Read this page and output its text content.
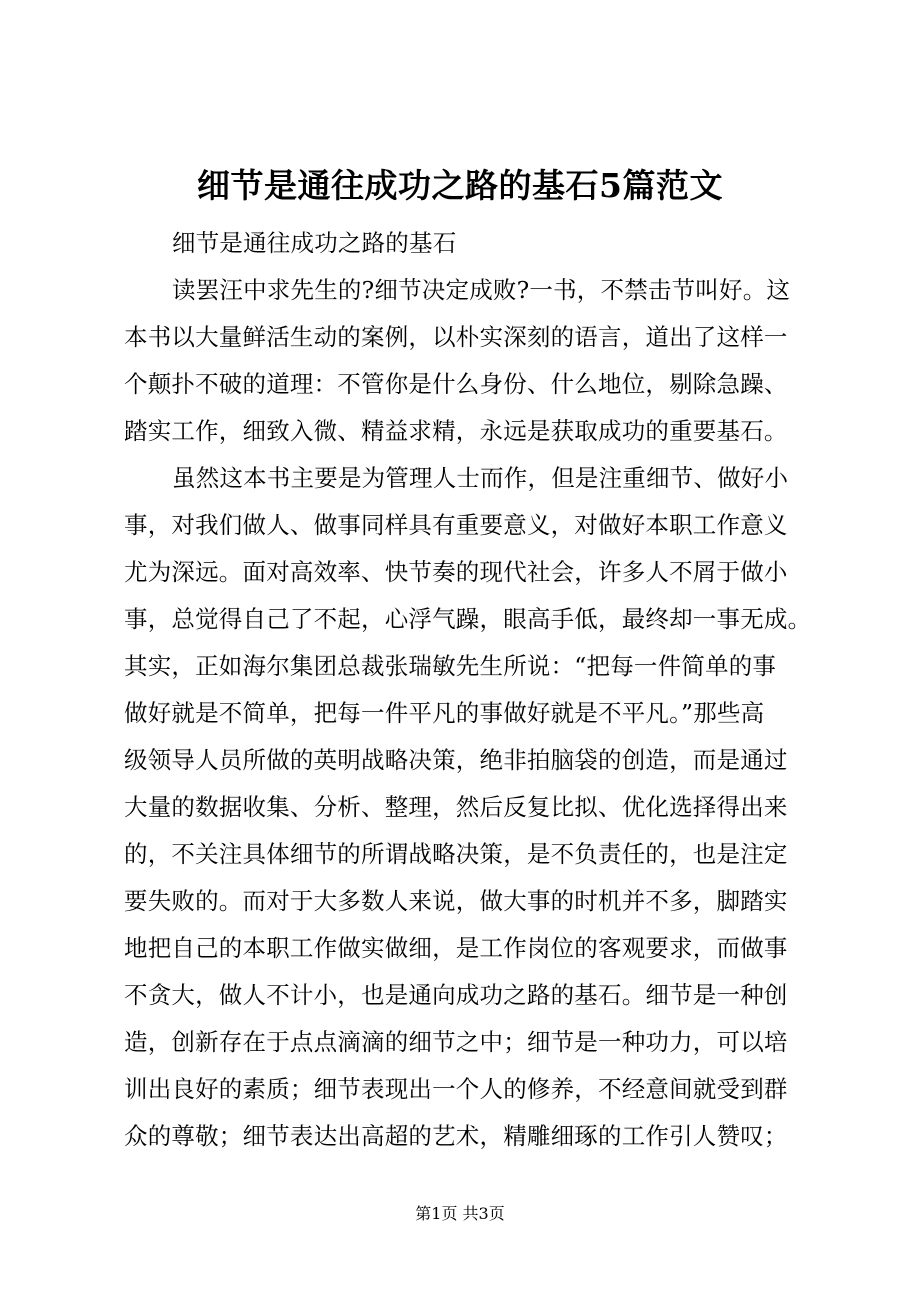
细节是通往成功之路的基石5篇范文
细节是通往成功之路的基石
读罢汪中求先生的?细节决定成败?一书，不禁击节叫好。这
本书以大量鲜活生动的案例，以朴实深刻的语言，道出了这样一
个颠扑不破的道理：不管你是什么身份、什么地位，剔除急躁、
踏实工作，细致入微、精益求精，永远是获取成功的重要基石。
虽然这本书主要是为管理人士而作，但是注重细节、做好小
事，对我们做人、做事同样具有重要意义，对做好本职工作意义
尤为深远。面对高效率、快节奏的现代社会，许多人不屑于做小
事，总觉得自己了不起，心浮气躁，眼高手低，最终却一事无成。
其实，正如海尔集团总裁张瑞敏先生所说：“把每一件简单的事
做好就是不简单，把每一件平凡的事做好就是不平凡。”那些高
级领导人员所做的英明战略决策，绝非拍脑袋的创造，而是通过
大量的数据收集、分析、整理，然后反复比拟、优化选择得出来
的，不关注具体细节的所谓战略决策，是不负责任的，也是注定
要失败的。而对于大多数人来说，做大事的时机并不多，脚踏实
地把自己的本职工作做实做细，是工作岗位的客观要求，而做事
不贪大，做人不计小，也是通向成功之路的基石。细节是一种创
造，创新存在于点点滴滴的细节之中；细节是一种功力，可以培
训出良好的素质；细节表现出一个人的修养，不经意间就受到群
众的尊敬；细节表达出高超的艺术，精雕细琢的工作引人赞叹；
第1页 共3页
